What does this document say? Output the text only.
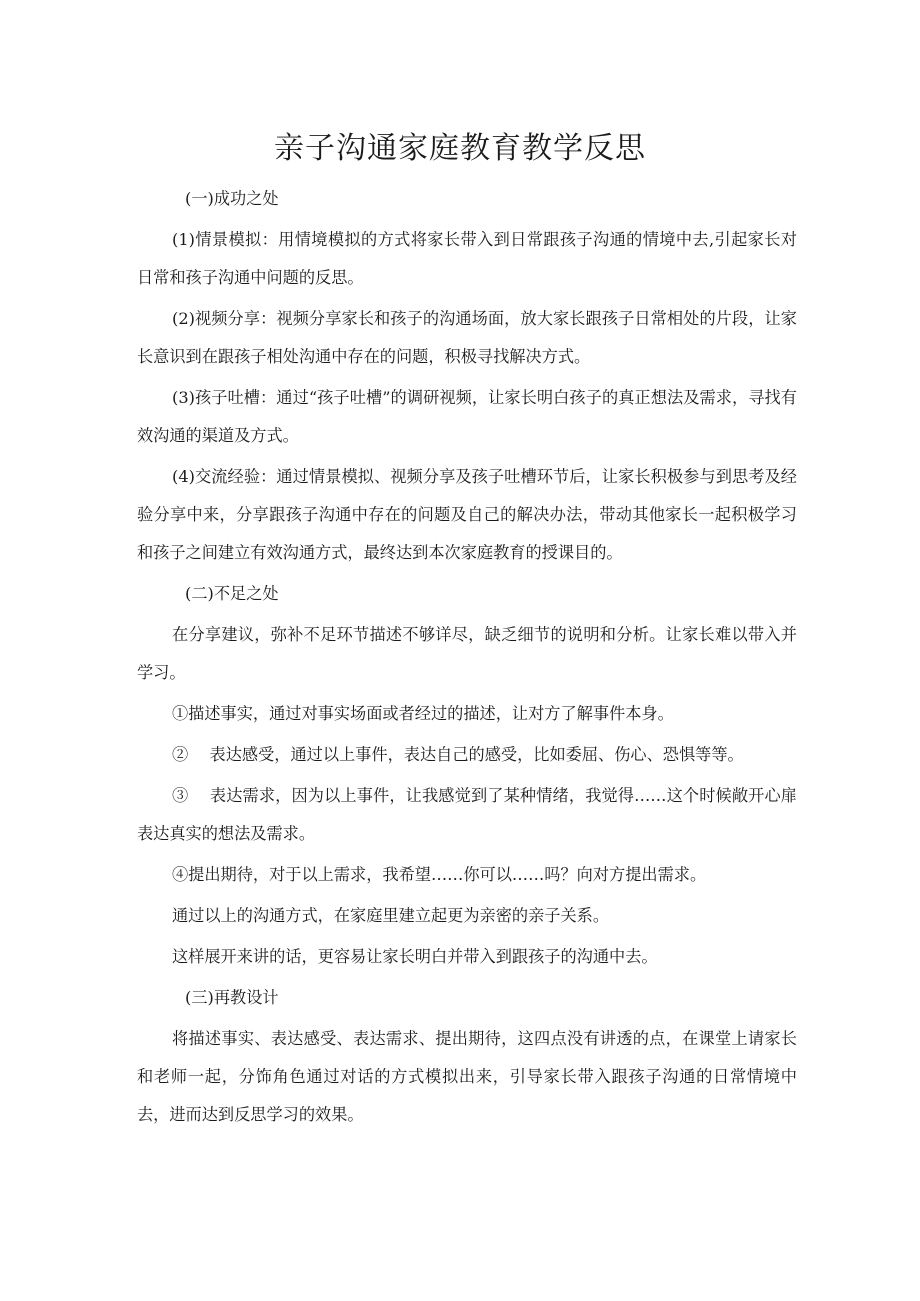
亲子沟通家庭教育教学反思

(一)成功之处

(1)情景模拟：用情境模拟的方式将家长带入到日常跟孩子沟通的情境中去,引起家长对日常和孩子沟通中问题的反思。

(2)视频分享：视频分享家长和孩子的沟通场面，放大家长跟孩子日常相处的片段，让家长意识到在跟孩子相处沟通中存在的问题，积极寻找解决方式。

(3)孩子吐槽：通过“孩子吐槽”的调研视频，让家长明白孩子的真正想法及需求，寻找有效沟通的渠道及方式。

(4)交流经验：通过情景模拟、视频分享及孩子吐槽环节后，让家长积极参与到思考及经验分享中来，分享跟孩子沟通中存在的问题及自己的解决办法，带动其他家长一起积极学习和孩子之间建立有效沟通方式，最终达到本次家庭教育的授课目的。

(二)不足之处

在分享建议，弥补不足环节描述不够详尽，缺乏细节的说明和分析。让家长难以带入并学习。

①描述事实，通过对事实场面或者经过的描述，让对方了解事件本身。

②　 表达感受，通过以上事件，表达自己的感受，比如委屈、伤心、恐惧等等。

③　 表达需求，因为以上事件，让我感觉到了某种情绪，我觉得……这个时候敞开心扉表达真实的想法及需求。

④提出期待，对于以上需求，我希望……你可以……吗？向对方提出需求。

通过以上的沟通方式，在家庭里建立起更为亲密的亲子关系。

这样展开来讲的话，更容易让家长明白并带入到跟孩子的沟通中去。

(三)再教设计

将描述事实、表达感受、表达需求、提出期待，这四点没有讲透的点，在课堂上请家长和老师一起，分饰角色通过对话的方式模拟出来，引导家长带入跟孩子沟通的日常情境中去，进而达到反思学习的效果。
